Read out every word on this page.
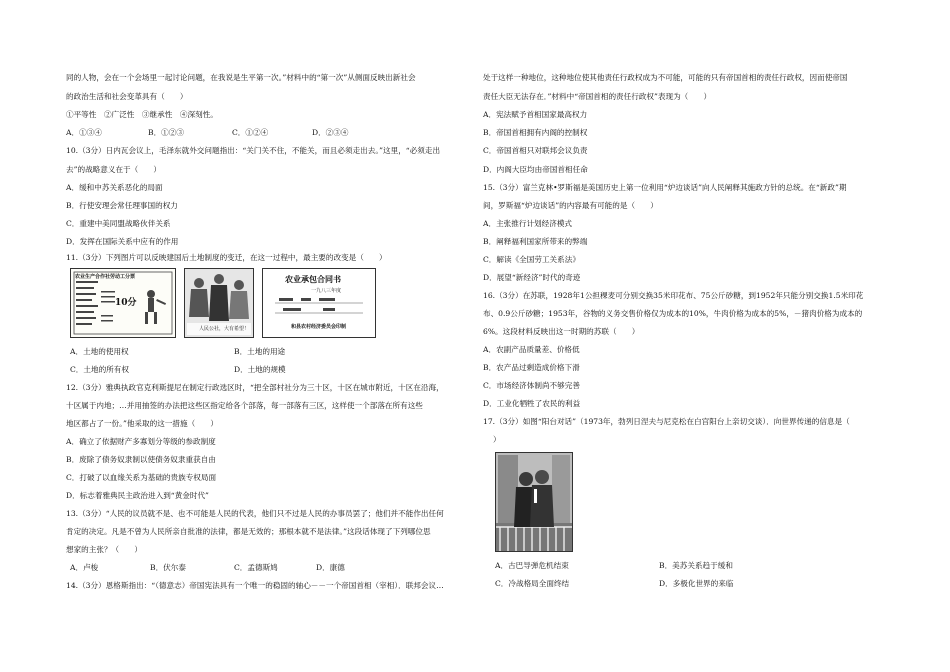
同的人物，会在一个会场里一起讨论问题，在我说是生平第一次。”材料中的“第一次”从侧面反映出新社会
的政治生活和社会变革具有（　　）
①平等性　②广泛性　③继承性　④深刻性。
A．①③④	B．①②③	C．①②④	D．②③④
10.（3分）日内瓦会议上，毛泽东就外交问题指出：“关门关不住，不能关，而且必须走出去。”这里，“必须走出
去”的战略意义在于（　　）
A．缓和中苏关系恶化的局面
B．行使安理会常任理事国的权力
C．重建中美同盟战略伙伴关系
D．发挥在国际关系中应有的作用
11.（3分）下列图片可以反映建国后土地制度的变迁，在这一过程中，最主要的改变是（　　）
农业生产合作社劳动工分票
10分
人民公社，大有希望！
农业承包合同书
一九八三年度
和县农村经济委员会印制
A．土地的使用权	B．土地的用途
C．土地的所有权	D．土地的规模
12.（3分）雅典执政官克利斯提尼在制定行政选区时，“把全部村社分为三十区，十区在城市附近，十区在沿海，
十区属于内地；…并用抽签的办法把这些区指定给各个部落，每一部落有三区，这样使一个部落在所有这些
地区都占了一份。”他采取的这一措施（　　）
A．确立了依据财产多寡划分等级的参政制度
B．废除了债务奴隶制以使债务奴隶重获自由
C．打破了以血缘关系为基础的贵族专权局面
D．标志着雅典民主政治进入到“黄金时代”
13.（3分）“人民的议员就不是、也不可能是人民的代表，他们只不过是人民的办事员罢了；他们并不能作出任何
肯定的决定。凡是不曾为人民所亲自批准的法律，都是无效的；那根本就不是法律。”这段话体现了下列哪位思
想家的主张？（　　）
A．卢梭	B．伏尔泰	C．孟德斯鸠	D．康德
14.（3分）恩格斯指出：“（德意志）帝国宪法具有一个唯一的稳固的轴心－－一个帝国首相（宰相）．联邦会议…
处于这样一种地位，这种地位使其他责任行政权成为不可能，可能的只有帝国首相的责任行政权，因而使帝国
责任大臣无法存在．”材料中“帝国首相的责任行政权”表现为（　　）
A．宪法赋予首相国家最高权力
B．帝国首相拥有内阁的控制权
C．帝国首相只对联邦会议负责
D．内阁大臣均由帝国首相任命
15.（3分）富兰克林•罗斯福是美国历史上第一位利用“炉边谈话”向人民阐释其施政方针的总统。在“新政”期
间，罗斯福“炉边谈话”的内容最有可能的是（　　）
A．主张推行计划经济模式
B．阐释福利国家所带来的弊端
C．解读《全国劳工关系法》
D．展望“新经济”时代的奇迹
16.（3分）在苏联，1928年1公担稞麦可分别交换35米印花布、75公斤砂糖，到1952年只能分别交换1.5米印花
布、0.9公斤砂糖；1953年，谷物的义务交售价格仅为成本的10%，牛肉价格为成本的5%，－猪肉价格为成本的
6%。这段材料反映出这一时期的苏联（　　）
A．农副产品质量差、价格低
B．农产品过剩造成价格下滑
C．市场经济体制尚不够完善
D．工业化牺牲了农民的利益
17.（3分）如图“阳台对话”（1973年，勃列日涅夫与尼克松在白宫阳台上亲切交谈）．向世界传递的信息是（
）
A．古巴导弹危机结束	B．美苏关系趋于缓和
C．冷战格局全面终结	D．多极化世界的来临
